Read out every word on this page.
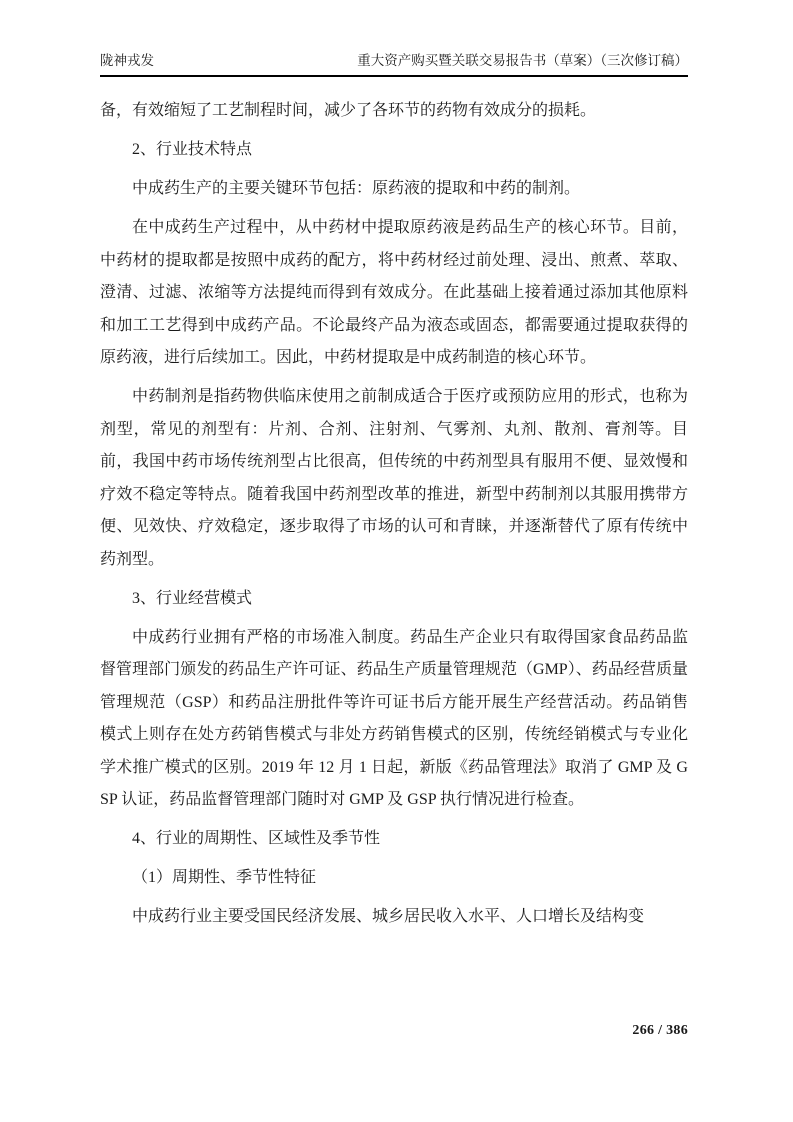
陇神戎发	重大资产购买暨关联交易报告书（草案）（三次修订稿）

备，有效缩短了工艺制程时间，减少了各环节的药物有效成分的损耗。

2、行业技术特点

中成药生产的主要关键环节包括：原药液的提取和中药的制剂。

在中成药生产过程中，从中药材中提取原药液是药品生产的核心环节。目前，中药材的提取都是按照中成药的配方，将中药材经过前处理、浸出、煎煮、萃取、澄清、过滤、浓缩等方法提纯而得到有效成分。在此基础上接着通过添加其他原料和加工工艺得到中成药产品。不论最终产品为液态或固态，都需要通过提取获得的原药液，进行后续加工。因此，中药材提取是中成药制造的核心环节。

中药制剂是指药物供临床使用之前制成适合于医疗或预防应用的形式，也称为剂型，常见的剂型有：片剂、合剂、注射剂、气雾剂、丸剂、散剂、膏剂等。目前，我国中药市场传统剂型占比很高，但传统的中药剂型具有服用不便、显效慢和疗效不稳定等特点。随着我国中药剂型改革的推进，新型中药制剂以其服用携带方便、见效快、疗效稳定，逐步取得了市场的认可和青睐，并逐渐替代了原有传统中药剂型。

3、行业经营模式

中成药行业拥有严格的市场准入制度。药品生产企业只有取得国家食品药品监督管理部门颁发的药品生产许可证、药品生产质量管理规范（GMP）、药品经营质量管理规范（GSP）和药品注册批件等许可证书后方能开展生产经营活动。药品销售模式上则存在处方药销售模式与非处方药销售模式的区别，传统经销模式与专业化学术推广模式的区别。2019 年 12 月 1 日起，新版《药品管理法》取消了 GMP 及 GSP 认证，药品监督管理部门随时对 GMP 及 GSP 执行情况进行检查。

4、行业的周期性、区域性及季节性

（1）周期性、季节性特征

中成药行业主要受国民经济发展、城乡居民收入水平、人口增长及结构变

266 / 386
